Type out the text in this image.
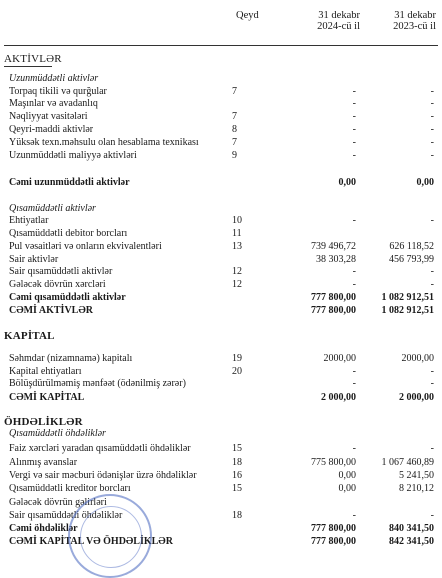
Qeyd	31 dekabr
2024-cü il
31 dekabr
2023-cü il
AKTİVLƏR
Uzunmüddətli aktivlər
Torpaq tikili və qurğular	7	-	-
Maşınlar və avadanlıq	-	-
Nəqliyyat vasitələri	7	-	-
Qeyri-maddi aktivlər	8	-	-
Yüksək texn.məhsulu olan hesablama texnikası	7	-	-
Uzunmüddətli maliyyə aktivləri	9	-	-
Cəmi uzunmüddətli aktivlər	0,00	0,00
Qısamüddətli aktivlər
Ehtiyatlar	10	-	-
Qısamüddətli debitor borcları	11
Pul vəsaitləri və onların ekvivalentləri	13	739 496,72	626 118,52
Sair aktivlər	38 303,28	456 793,99
Sair qısamüddətli aktivlər	12	-	-
Gələcək dövrün xərcləri	12	-	-
Cəmi qısamüddətli aktivlər	777 800,00	1 082 912,51
CƏMİ AKTİVLƏR	777 800,00	1 082 912,51
KAPİTAL
Səhmdar (nizamnamə) kapitalı	19	2000,00	2000,00
Kapital ehtiyatları	20	-	-
Bölüşdürülməmiş mənfəət (ödənilmiş zərər)	-	-
CƏMİ KAPİTAL	2 000,00	2 000,00
ÖHDƏLİKLƏR
Qısamüddətli öhdəliklər
Faiz xərcləri yaradan qısamüddətli öhdəliklər	15	-	-
Alınmış avanslar	18	775 800,00	1 067 460,89
Vergi və sair məcburi ödənişlər üzrə öhdəliklər	16	0,00	5 241,50
Qısamüddətli kreditor borcları	15	0,00	8 210,12
Gələcək dövrün gəlirləri
Sair qısamüddətli öhdəliklər	18	-	-
Cəmi öhdəliklər	777 800,00	840 341,50
CƏMİ KAPİTAL VƏ ÖHDƏLİKLƏR	777 800,00	842 341,50
